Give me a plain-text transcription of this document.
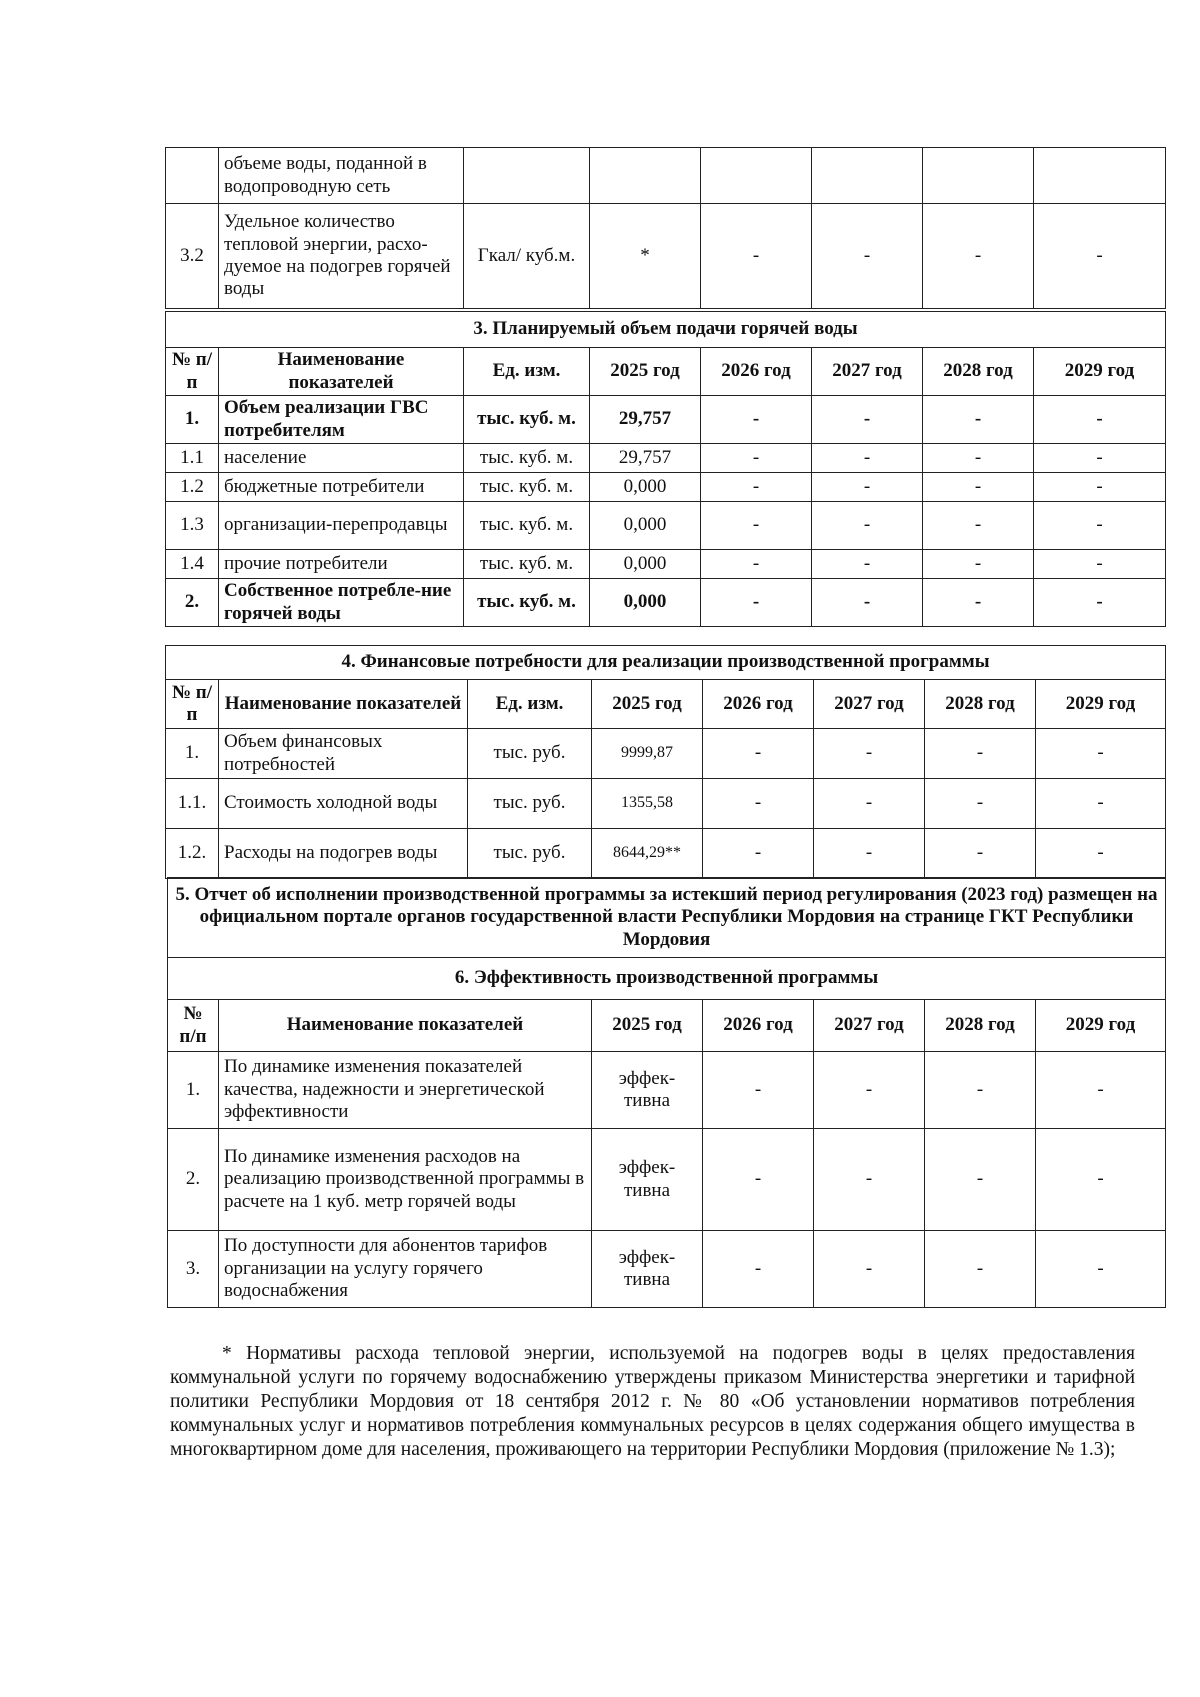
	объеме воды, поданной в водопроводную сеть						
3.2	Удельное количество тепловой энергии, расхо-дуемое на подогрев горячей воды	Гкал/ куб.м.	*	-	-	-	-
3. Планируемый объем подачи горячей воды							
№ п/п	Наименование показателей	Ед. изм.	2025 год	2026 год	2027 год	2028 год	2029 год
1.	Объем реализации ГВС потребителям	тыс. куб. м.	29,757	-	-	-	-
1.1	население	тыс. куб. м.	29,757	-	-	-	-
1.2	бюджетные потребители	тыс. куб. м.	0,000	-	-	-	-
1.3	организации-перепродавцы	тыс. куб. м.	0,000	-	-	-	-
1.4	прочие потребители	тыс. куб. м.	0,000	-	-	-	-
2.	Собственное потребле-ние горячей воды	тыс. куб. м.	0,000	-	-	-	-
4. Финансовые потребности для реализации производственной программы							
№ п/п	Наименование показателей	Ед. изм.	2025 год	2026 год	2027 год	2028 год	2029 год
1.	Объем финансовых потребностей	тыс. руб.	9999,87	-	-	-	-
1.1.	Стоимость холодной воды	тыс. руб.	1355,58	-	-	-	-
1.2.	Расходы на подогрев воды	тыс. руб.	8644,29**	-	-	-	-
5. Отчет об исполнении производственной программы за истекший период регулирования (2023 год) размещен на официальном портале органов государственной власти Республики Мордовия на странице ГКТ Республики Мордовия						
6. Эффективность производственной программы						
№ п/п	Наименование показателей	2025 год	2026 год	2027 год	2028 год	2029 год
1.	По динамике изменения показателей качества, надежности и энергетической эффективности	эффек-тивна	-	-	-	-
2.	По динамике изменения расходов на реализацию производственной программы в расчете на 1 куб. метр горячей воды	эффек-тивна	-	-	-	-
3.	По доступности для абонентов тарифов организации на услугу горячего водоснабжения	эффек-тивна	-	-	-	-

* Нормативы расхода тепловой энергии, используемой на подогрев воды в целях предоставления коммунальной услуги по горячему водоснабжению утверждены приказом Министерства энергетики и тарифной политики Республики Мордовия от 18 сентября 2012 г. № 80 «Об установлении нормативов потребления коммунальных услуг и нормативов потребления коммунальных ресурсов в целях содержания общего имущества в многоквартирном доме для населения, проживающего на территории Республики Мордовия (приложение № 1.3);
